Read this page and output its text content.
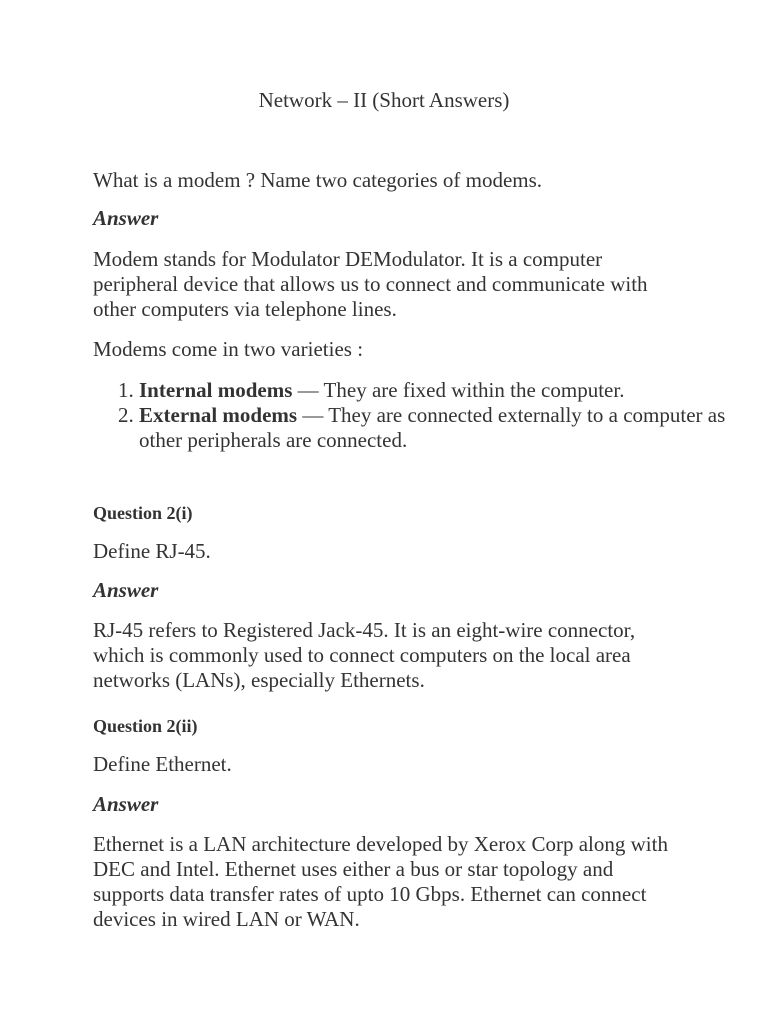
Network – II (Short Answers)

What is a modem ? Name two categories of modems.

Answer

Modem stands for Modulator DEModulator. It is a computer peripheral device that allows us to connect and communicate with other computers via telephone lines.

Modems come in two varieties :

1. Internal modems — They are fixed within the computer.
2. External modems — They are connected externally to a computer as other peripherals are connected.

Question 2(i)

Define RJ-45.

Answer

RJ-45 refers to Registered Jack-45. It is an eight-wire connector, which is commonly used to connect computers on the local area networks (LANs), especially Ethernets.

Question 2(ii)

Define Ethernet.

Answer

Ethernet is a LAN architecture developed by Xerox Corp along with DEC and Intel. Ethernet uses either a bus or star topology and supports data transfer rates of upto 10 Gbps. Ethernet can connect devices in wired LAN or WAN.
